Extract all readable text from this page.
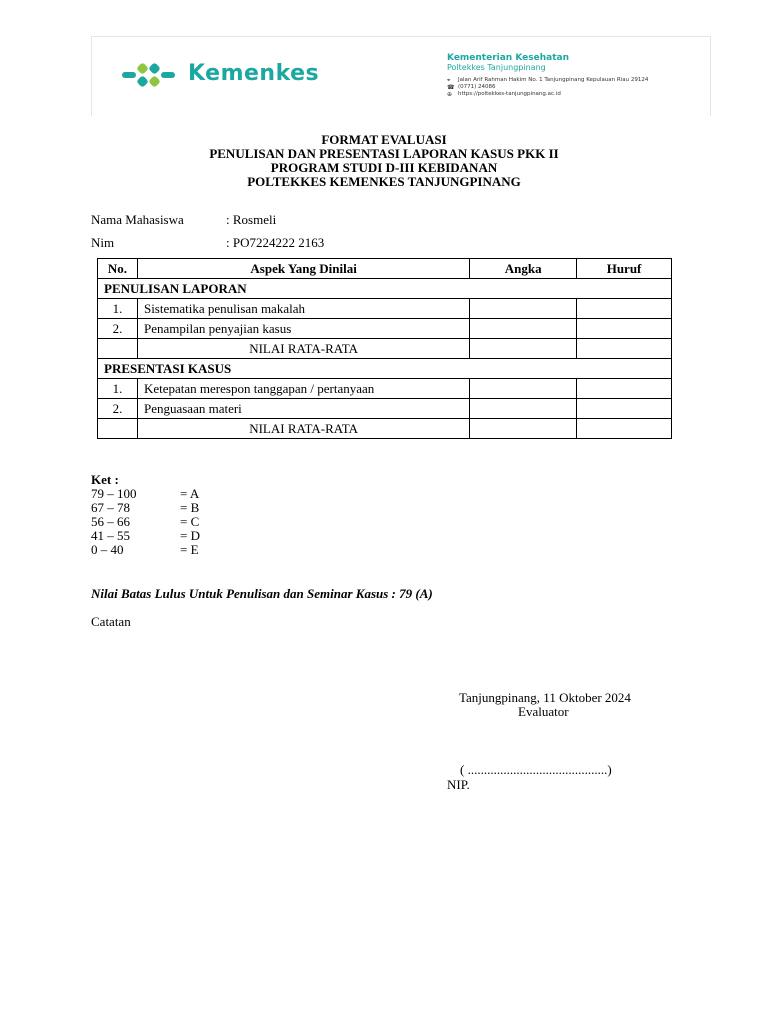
Kemenkes
Kementerian Kesehatan
Poltekkes Tanjungpinang
⌖	Jalan Arif Rahman Hakim No. 1 Tanjungpinang Kepulauan Riau 29124
☎ (0771) 24086
⊕	https://poltekkes-tanjungpinang.ac.id
FORMAT EVALUASI
PENULISAN DAN PRESENTASI LAPORAN KASUS PKK II
PROGRAM STUDI D-III KEBIDANAN
POLTEKKES KEMENKES TANJUNGPINANG
Nama Mahasiswa	: Rosmeli
Nim	: PO7224222 2163
No.	Aspek Yang Dinilai	Angka	Huruf
PENULISAN LAPORAN			
1.	Sistematika penulisan makalah		
2.	Penampilan penyajian kasus		
	NILAI RATA-RATA		
PRESENTASI KASUS			
1.	Ketepatan merespon tanggapan / pertanyaan		
2.	Penguasaan materi		
	NILAI RATA-RATA		
Ket :
79 – 100	= A
67 – 78	= B
56 – 66	= C
41 – 55	= D
0 – 40	= E
Nilai Batas Lulus Untuk Penulisan dan Seminar Kasus : 79 (A)
Catatan
Tanjungpinang, 11 Oktober 2024
Evaluator
( ...........................................)
NIP.
